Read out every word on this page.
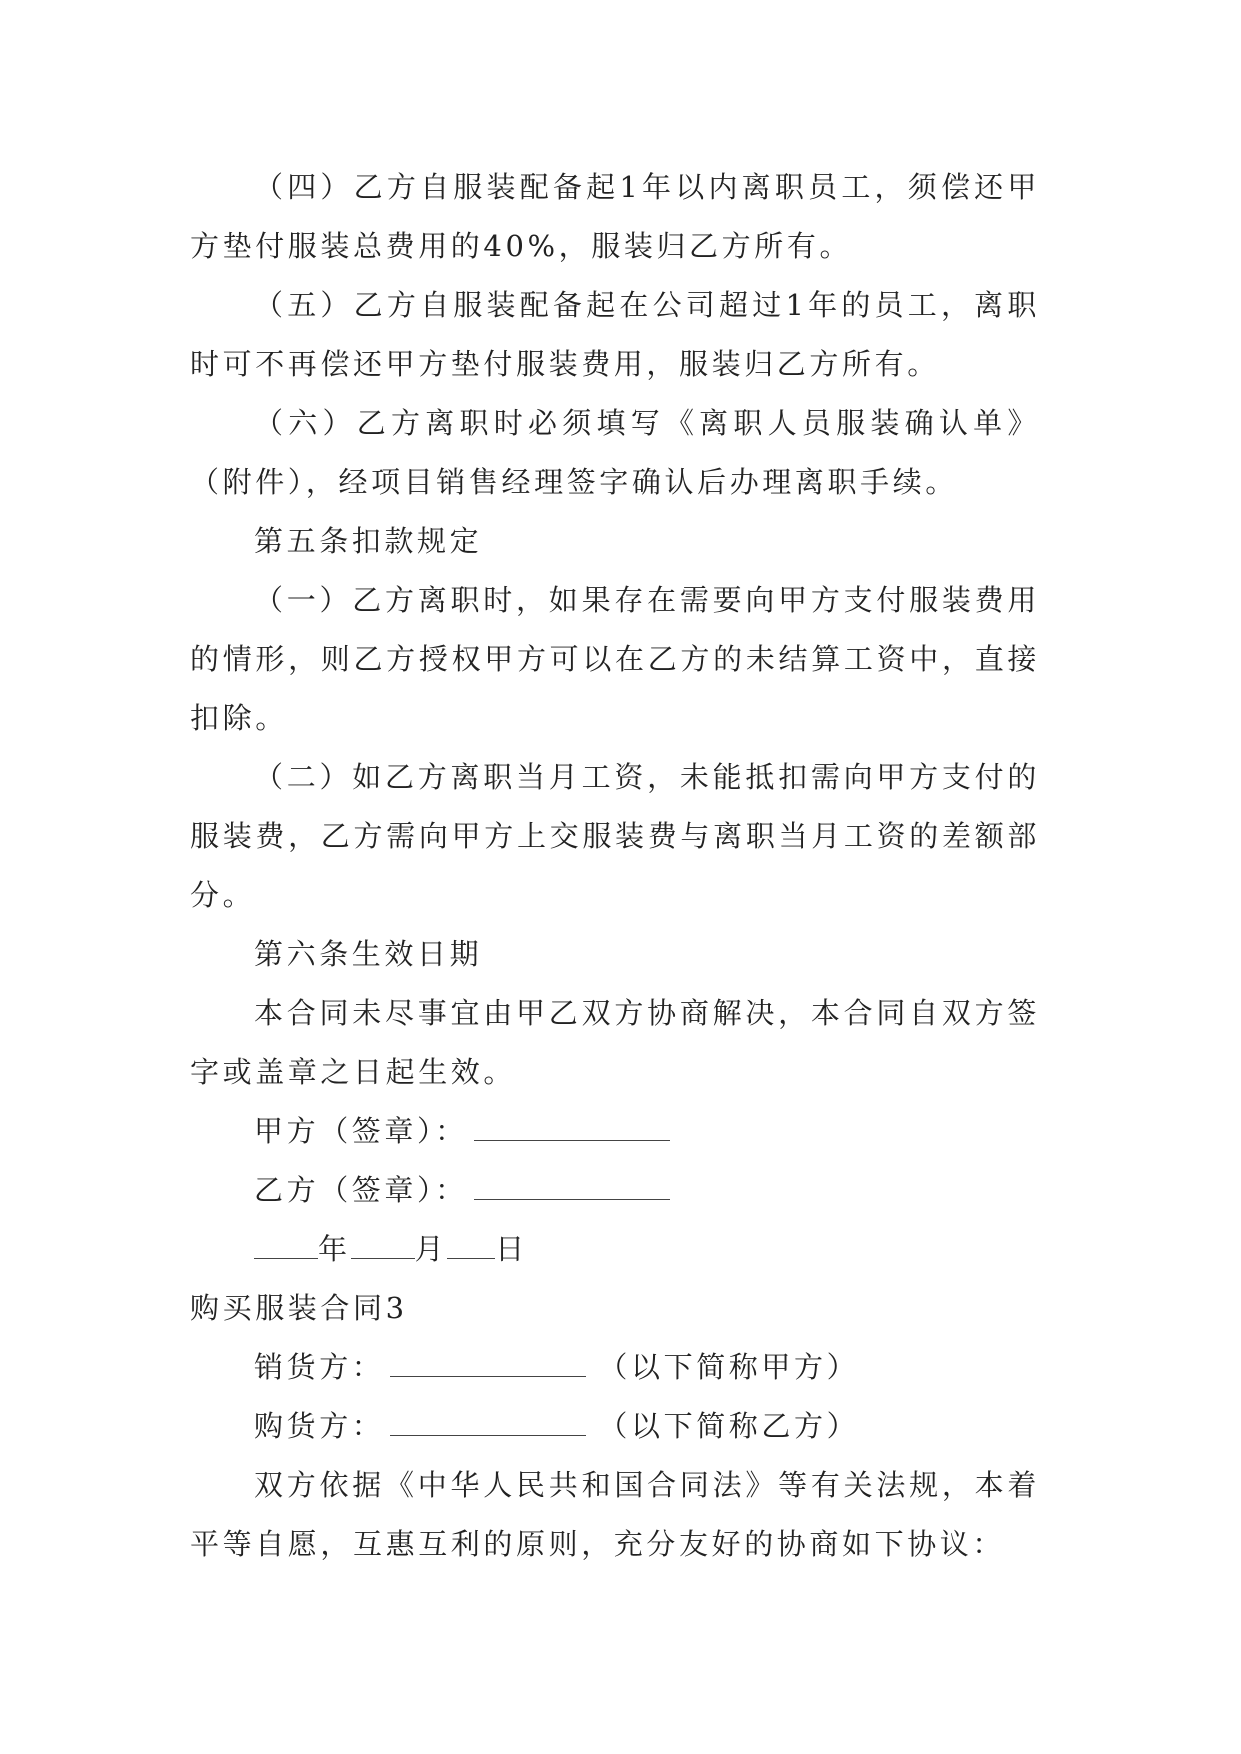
（四）乙方自服装配备起1年以内离职员工，须偿还甲方垫付服装总费用的40%，服装归乙方所有。

（五）乙方自服装配备起在公司超过1年的员工，离职时可不再偿还甲方垫付服装费用，服装归乙方所有。

（六）乙方离职时必须填写《离职人员服装确认单》（附件），经项目销售经理签字确认后办理离职手续。

第五条扣款规定

（一）乙方离职时，如果存在需要向甲方支付服装费用的情形，则乙方授权甲方可以在乙方的未结算工资中，直接扣除。

（二）如乙方离职当月工资，未能抵扣需向甲方支付的服装费，乙方需向甲方上交服装费与离职当月工资的差额部分。

第六条生效日期

本合同未尽事宜由甲乙双方协商解决，本合同自双方签字或盖章之日起生效。

甲方（签章）：

乙方（签章）：

年 月 日

购买服装合同3

销货方：	（以下简称甲方）

购货方：	（以下简称乙方）

双方依据《中华人民共和国合同法》等有关法规，本着平等自愿，互惠互利的原则，充分友好的协商如下协议：
